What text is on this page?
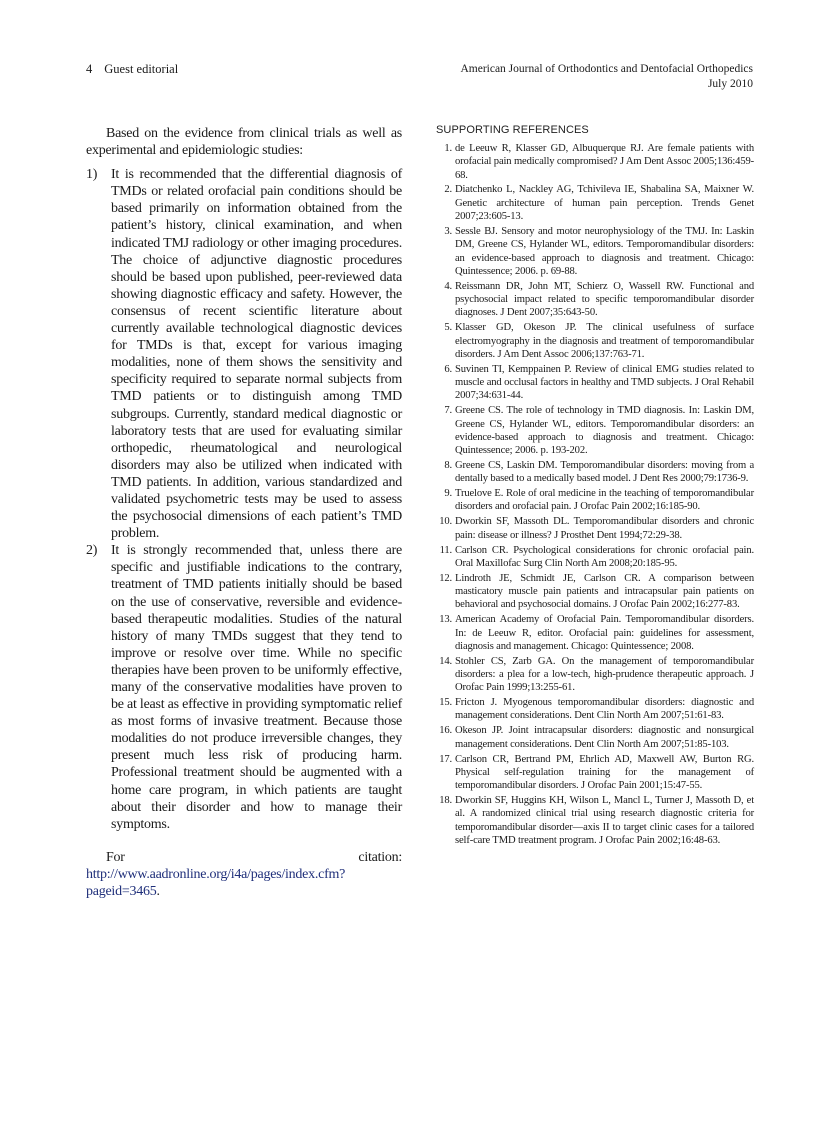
4 Guest editorial	American Journal of Orthodontics and Dentofacial Orthopedics
July 2010

Based on the evidence from clinical trials as well as experimental and epidemiologic studies:

1) It is recommended that the differential diagnosis of TMDs or related orofacial pain conditions should be based primarily on information obtained from the patient’s history, clinical examination, and when indicated TMJ radiology or other imaging procedures. The choice of adjunctive diagnostic procedures should be based upon published, peer-reviewed data showing diagnostic efficacy and safety. However, the consensus of recent scientific literature about currently available technological diagnostic devices for TMDs is that, except for various imaging modalities, none of them shows the sensitivity and specificity required to separate normal subjects from TMD patients or to distinguish among TMD subgroups. Currently, standard medical diagnostic or laboratory tests that are used for evaluating similar orthopedic, rheumatological and neurological disorders may also be utilized when indicated with TMD patients. In addition, various standardized and validated psychometric tests may be used to assess the psychosocial dimensions of each patient’s TMD problem.
2) It is strongly recommended that, unless there are specific and justifiable indications to the contrary, treatment of TMD patients initially should be based on the use of conservative, reversible and evidence-based therapeutic modalities. Studies of the natural history of many TMDs suggest that they tend to improve or resolve over time. While no specific therapies have been proven to be uniformly effective, many of the conservative modalities have proven to be at least as effective in providing symptomatic relief as most forms of invasive treatment. Because those modalities do not produce irreversible changes, they present much less risk of producing harm. Professional treatment should be augmented with a home care program, in which patients are taught about their disorder and how to manage their symptoms.

For citation: http://www.aadronline.org/i4a/pages/index.cfm?pageid=3465.

SUPPORTING REFERENCES
1. de Leeuw R, Klasser GD, Albuquerque RJ. Are female patients with orofacial pain medically compromised? J Am Dent Assoc 2005;136:459-68.
2. Diatchenko L, Nackley AG, Tchivileva IE, Shabalina SA, Maixner W. Genetic architecture of human pain perception. Trends Genet 2007;23:605-13.
3. Sessle BJ. Sensory and motor neurophysiology of the TMJ. In: Laskin DM, Greene CS, Hylander WL, editors. Temporomandibular disorders: an evidence-based approach to diagnosis and treatment. Chicago: Quintessence; 2006. p. 69-88.
4. Reissmann DR, John MT, Schierz O, Wassell RW. Functional and psychosocial impact related to specific temporomandibular disorder diagnoses. J Dent 2007;35:643-50.
5. Klasser GD, Okeson JP. The clinical usefulness of surface electromyography in the diagnosis and treatment of temporomandibular disorders. J Am Dent Assoc 2006;137:763-71.
6. Suvinen TI, Kemppainen P. Review of clinical EMG studies related to muscle and occlusal factors in healthy and TMD subjects. J Oral Rehabil 2007;34:631-44.
7. Greene CS. The role of technology in TMD diagnosis. In: Laskin DM, Greene CS, Hylander WL, editors. Temporomandibular disorders: an evidence-based approach to diagnosis and treatment. Chicago: Quintessence; 2006. p. 193-202.
8. Greene CS, Laskin DM. Temporomandibular disorders: moving from a dentally based to a medically based model. J Dent Res 2000;79:1736-9.
9. Truelove E. Role of oral medicine in the teaching of temporomandibular disorders and orofacial pain. J Orofac Pain 2002;16:185-90.
10. Dworkin SF, Massoth DL. Temporomandibular disorders and chronic pain: disease or illness? J Prosthet Dent 1994;72:29-38.
11. Carlson CR. Psychological considerations for chronic orofacial pain. Oral Maxillofac Surg Clin North Am 2008;20:185-95.
12. Lindroth JE, Schmidt JE, Carlson CR. A comparison between masticatory muscle pain patients and intracapsular pain patients on behavioral and psychosocial domains. J Orofac Pain 2002;16:277-83.
13. American Academy of Orofacial Pain. Temporomandibular disorders. In: de Leeuw R, editor. Orofacial pain: guidelines for assessment, diagnosis and management. Chicago: Quintessence; 2008.
14. Stohler CS, Zarb GA. On the management of temporomandibular disorders: a plea for a low-tech, high-prudence therapeutic approach. J Orofac Pain 1999;13:255-61.
15. Fricton J. Myogenous temporomandibular disorders: diagnostic and management considerations. Dent Clin North Am 2007;51:61-83.
16. Okeson JP. Joint intracapsular disorders: diagnostic and nonsurgical management considerations. Dent Clin North Am 2007;51:85-103.
17. Carlson CR, Bertrand PM, Ehrlich AD, Maxwell AW, Burton RG. Physical self-regulation training for the management of temporomandibular disorders. J Orofac Pain 2001;15:47-55.
18. Dworkin SF, Huggins KH, Wilson L, Mancl L, Turner J, Massoth D, et al. A randomized clinical trial using research diagnostic criteria for temporomandibular disorder—axis II to target clinic cases for a tailored self-care TMD treatment program. J Orofac Pain 2002;16:48-63.
